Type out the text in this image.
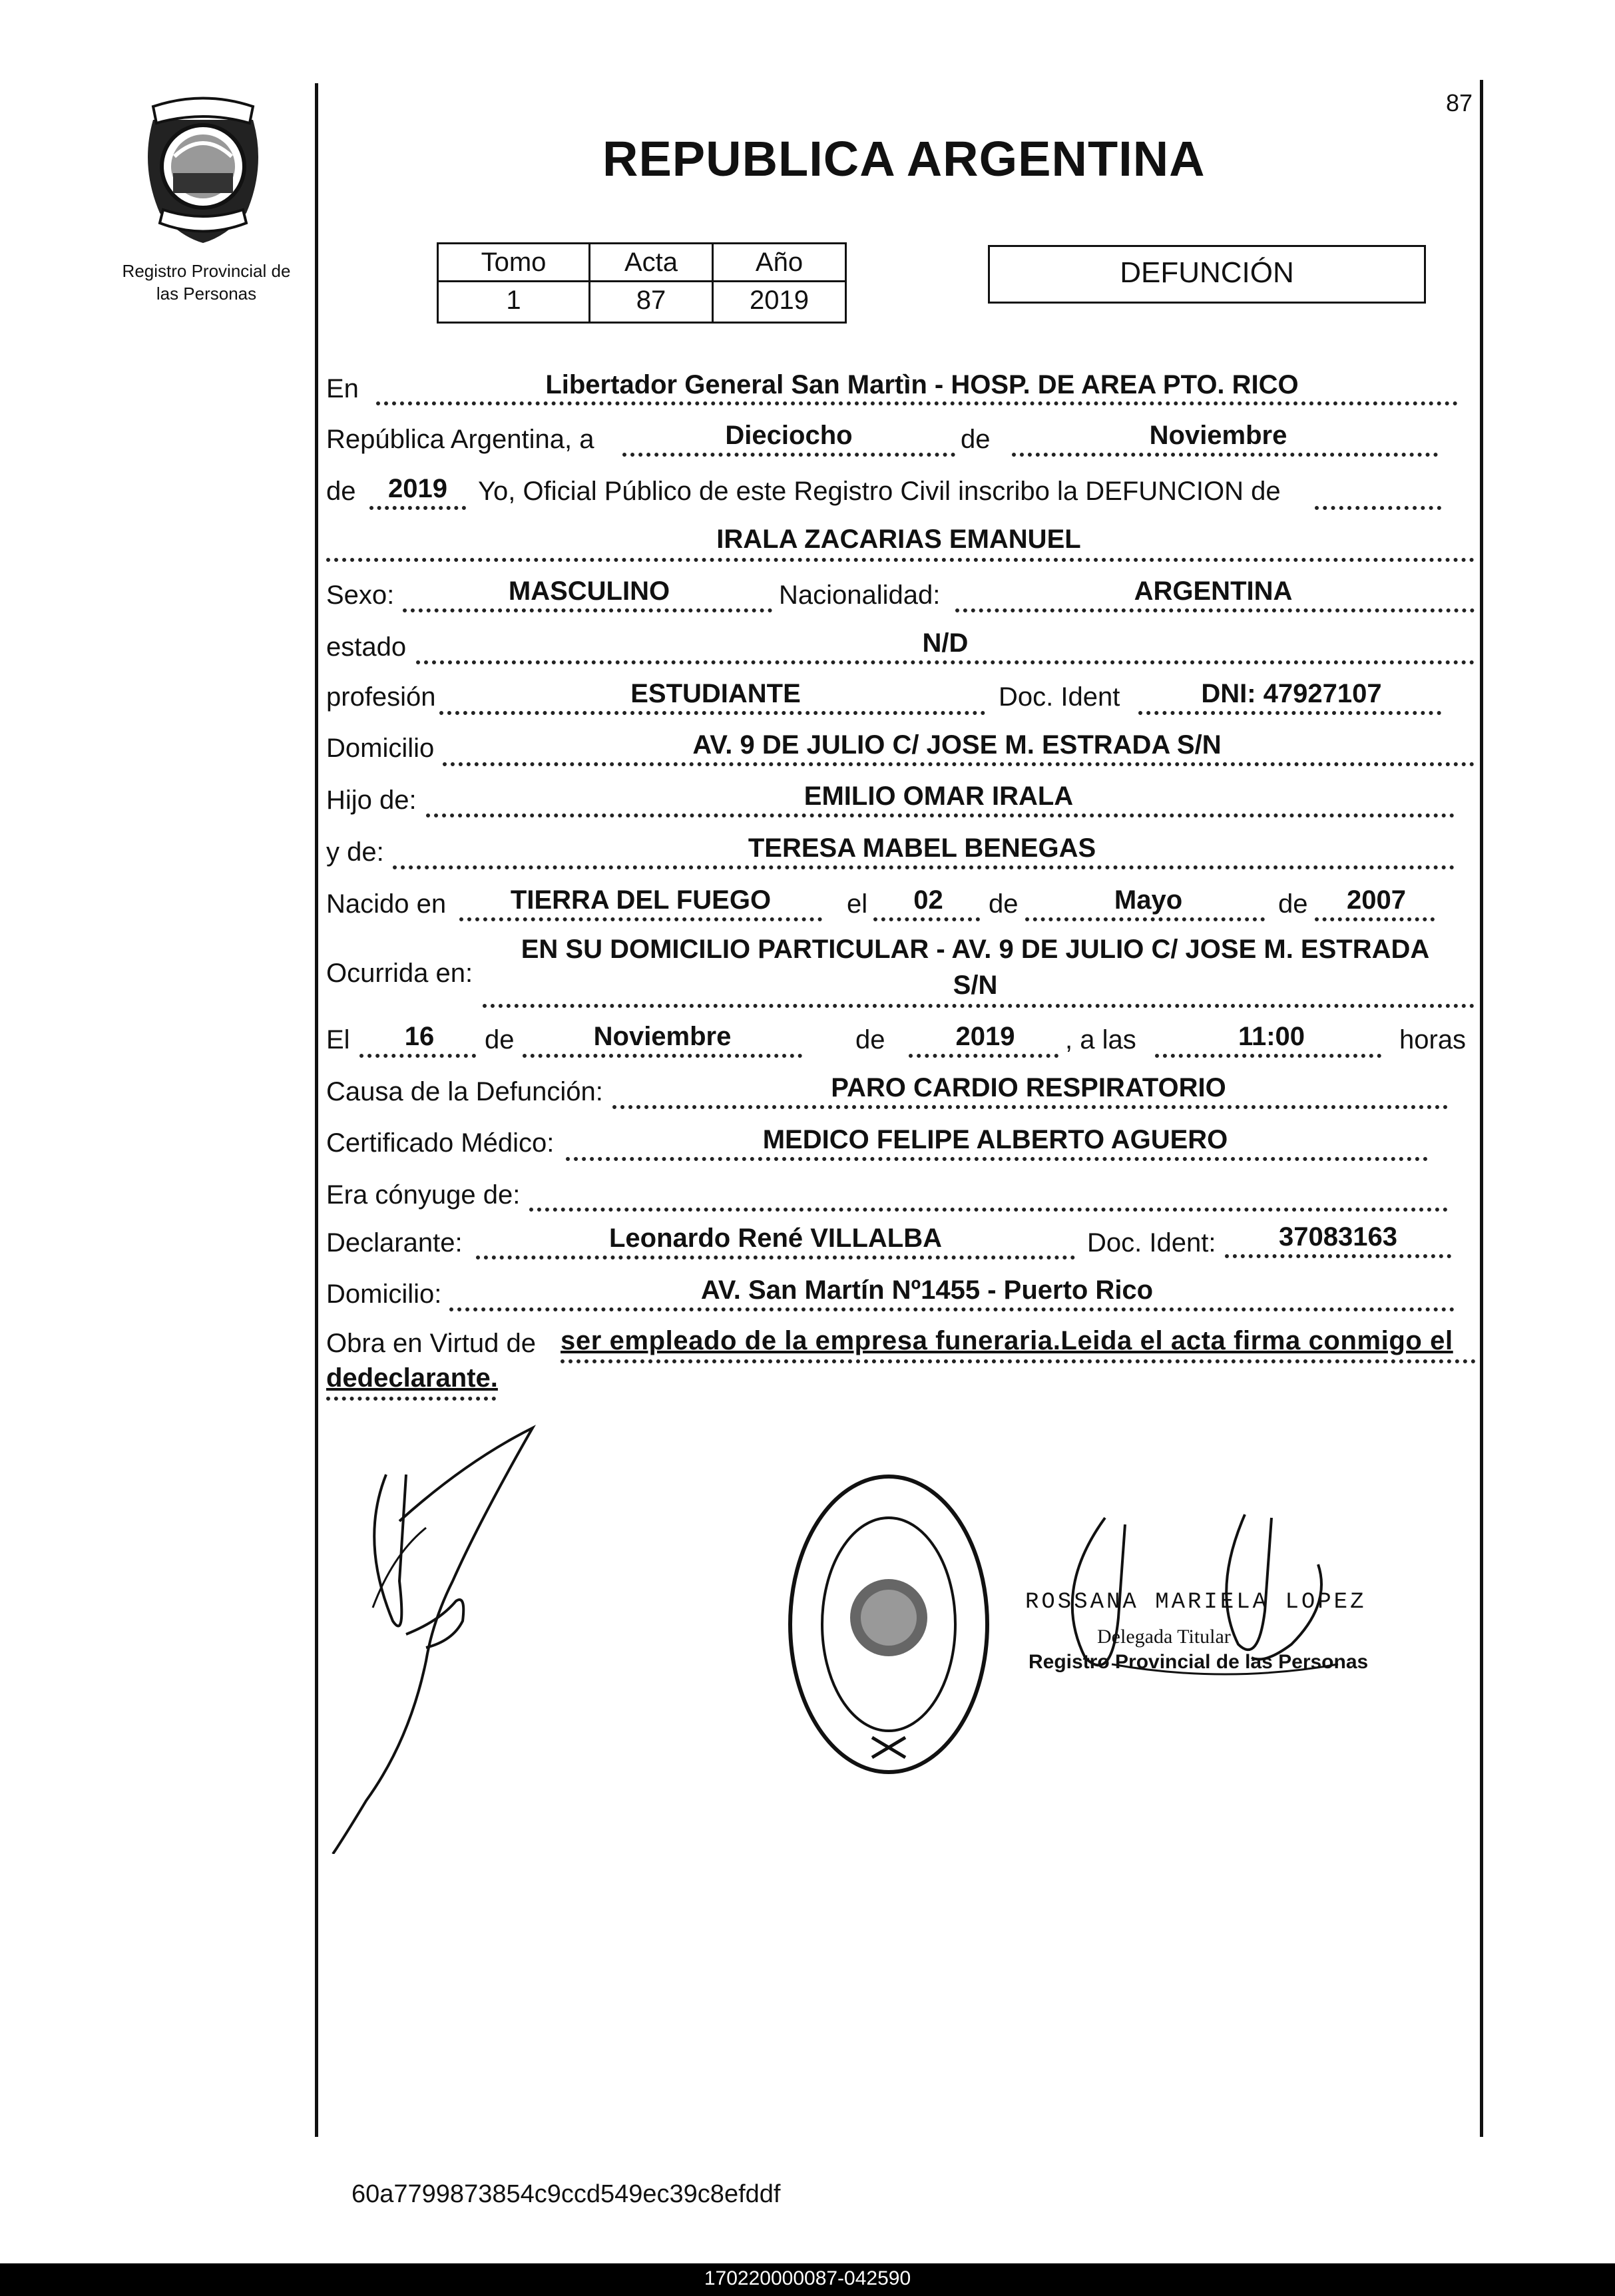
87
Registro Provincial de
las Personas
REPUBLICA ARGENTINA
Tomo	Acta	Año
1	87	2019
DEFUNCIÓN
En	Libertador General San Martìn - HOSP. DE AREA PTO. RICO
República Argentina, a	Dieciocho	de	Noviembre
de	2019	Yo, Oficial Público de este Registro Civil inscribo la DEFUNCION de
IRALA ZACARIAS EMANUEL
Sexo:	MASCULINO	Nacionalidad:	ARGENTINA
estado	N/D
profesión	ESTUDIANTE	Doc. Ident	DNI: 47927107
Domicilio	AV. 9 DE JULIO C/ JOSE M. ESTRADA S/N
Hijo de:	EMILIO OMAR IRALA
y de:	TERESA MABEL BENEGAS
Nacido en	TIERRA DEL FUEGO	el	02	de	Mayo	de	2007
Ocurrida en:
EN SU DOMICILIO PARTICULAR - AV. 9 DE JULIO C/ JOSE M. ESTRADA
S/N
El	16	de	Noviembre	de	2019	, a las	11:00	horas
Causa de la Defunción:	PARO CARDIO RESPIRATORIO
Certificado Médico:	MEDICO FELIPE ALBERTO AGUERO
Era cónyuge de:
Declarante:	Leonardo René VILLALBA	Doc. Ident:	37083163
Domicilio:	AV. San Martín Nº1455 - Puerto Rico
Obra en Virtud de ser empleado de la empresa funeraria.Leida el acta firma conmigo el
dedeclarante.
ROSSANA MARIELA LOPEZ
Delegada Titular
Registro Provincial de las Personas
60a7799873854c9ccd549ec39c8efddf
170220000087-042590
